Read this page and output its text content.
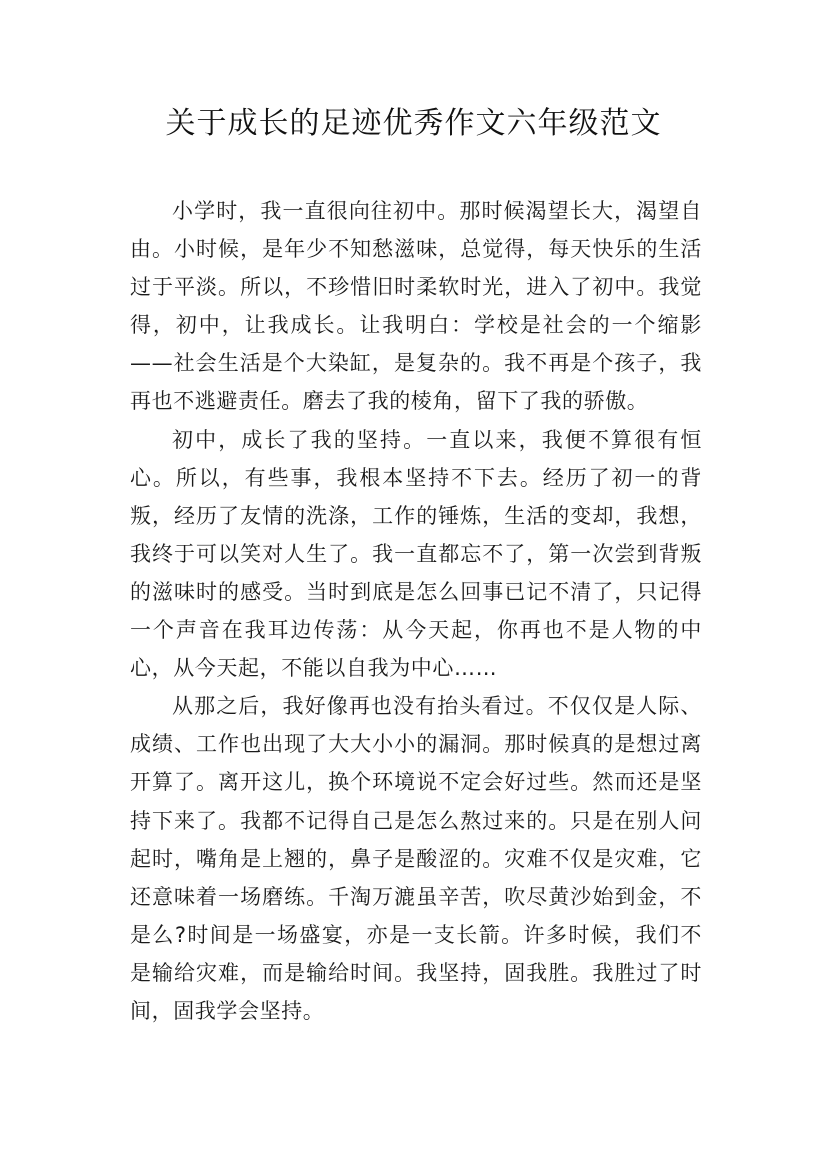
关于成长的足迹优秀作文六年级范文

小学时，我一直很向往初中。那时候渴望长大，渴望自由。小时候，是年少不知愁滋味，总觉得，每天快乐的生活过于平淡。所以，不珍惜旧时柔软时光，进入了初中。我觉得，初中，让我成长。让我明白：学校是社会的一个缩影——社会生活是个大染缸，是复杂的。我不再是个孩子，我再也不逃避责任。磨去了我的棱角，留下了我的骄傲。

初中，成长了我的坚持。一直以来，我便不算很有恒心。所以，有些事，我根本坚持不下去。经历了初一的背叛，经历了友情的洗涤，工作的锤炼，生活的变却，我想，我终于可以笑对人生了。我一直都忘不了，第一次尝到背叛的滋味时的感受。当时到底是怎么回事已记不清了，只记得一个声音在我耳边传荡：从今天起，你再也不是人物的中心，从今天起，不能以自我为中心……

从那之后，我好像再也没有抬头看过。不仅仅是人际、成绩、工作也出现了大大小小的漏洞。那时候真的是想过离开算了。离开这儿，换个环境说不定会好过些。然而还是坚持下来了。我都不记得自己是怎么熬过来的。只是在别人问起时，嘴角是上翘的，鼻子是酸涩的。灾难不仅是灾难，它还意味着一场磨练。千淘万漉虽辛苦，吹尽黄沙始到金，不是么?时间是一场盛宴，亦是一支长箭。许多时候，我们不是输给灾难，而是输给时间。我坚持，固我胜。我胜过了时间，固我学会坚持。
